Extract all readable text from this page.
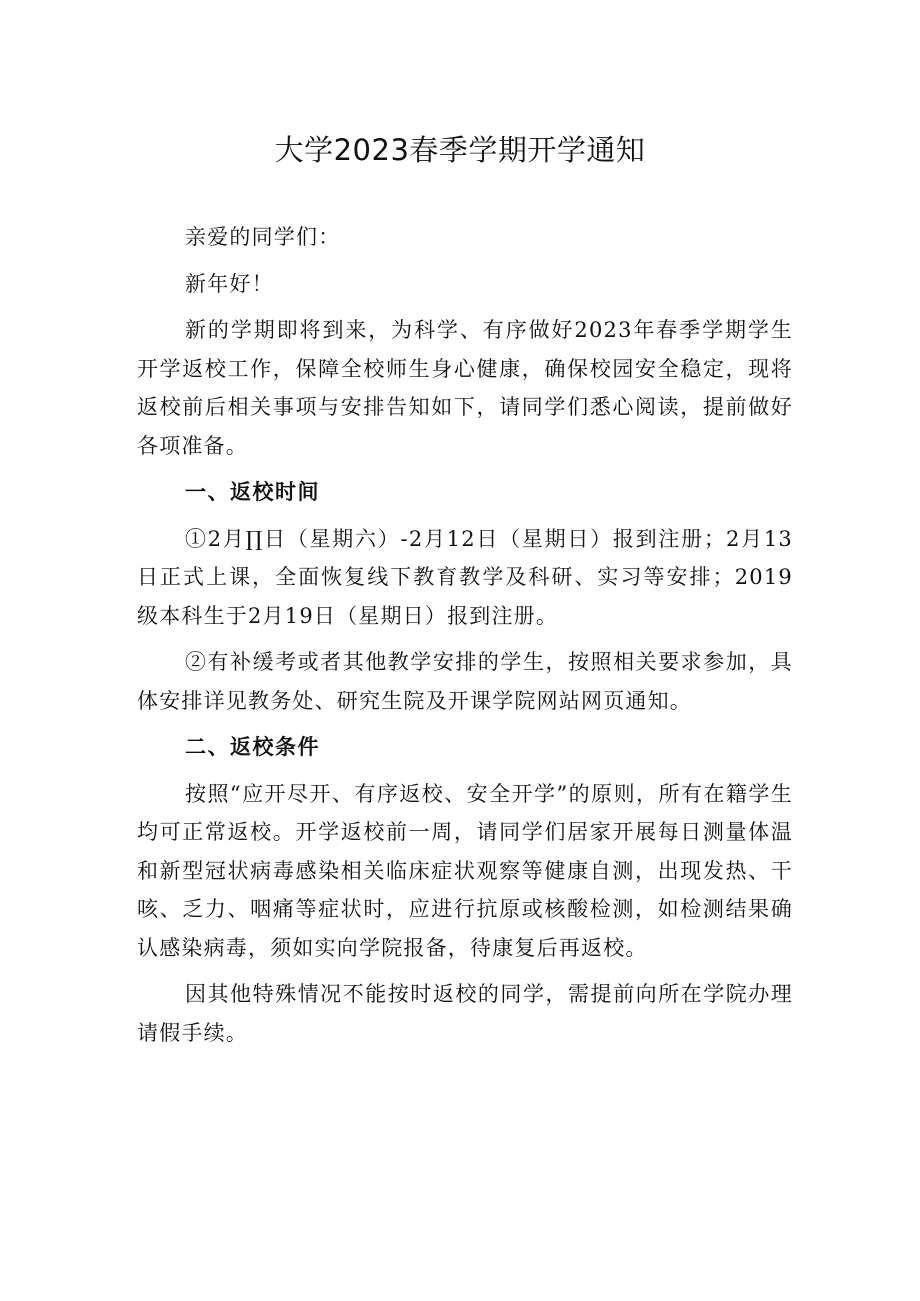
大学2023春季学期开学通知

亲爱的同学们：

新年好！

新的学期即将到来，为科学、有序做好2023年春季学期学生开学返校工作，保障全校师生身心健康，确保校园安全稳定，现将返校前后相关事项与安排告知如下，请同学们悉心阅读，提前做好各项准备。

一、返校时间

①2月∏日（星期六）-2月12日（星期日）报到注册；2月13日正式上课，全面恢复线下教育教学及科研、实习等安排；2019级本科生于2月19日（星期日）报到注册。

②有补缓考或者其他教学安排的学生，按照相关要求参加，具体安排详见教务处、研究生院及开课学院网站网页通知。

二、返校条件

按照“应开尽开、有序返校、安全开学”的原则，所有在籍学生均可正常返校。开学返校前一周，请同学们居家开展每日测量体温和新型冠状病毒感染相关临床症状观察等健康自测，出现发热、干咳、乏力、咽痛等症状时，应进行抗原或核酸检测，如检测结果确认感染病毒，须如实向学院报备，待康复后再返校。

因其他特殊情况不能按时返校的同学，需提前向所在学院办理请假手续。
